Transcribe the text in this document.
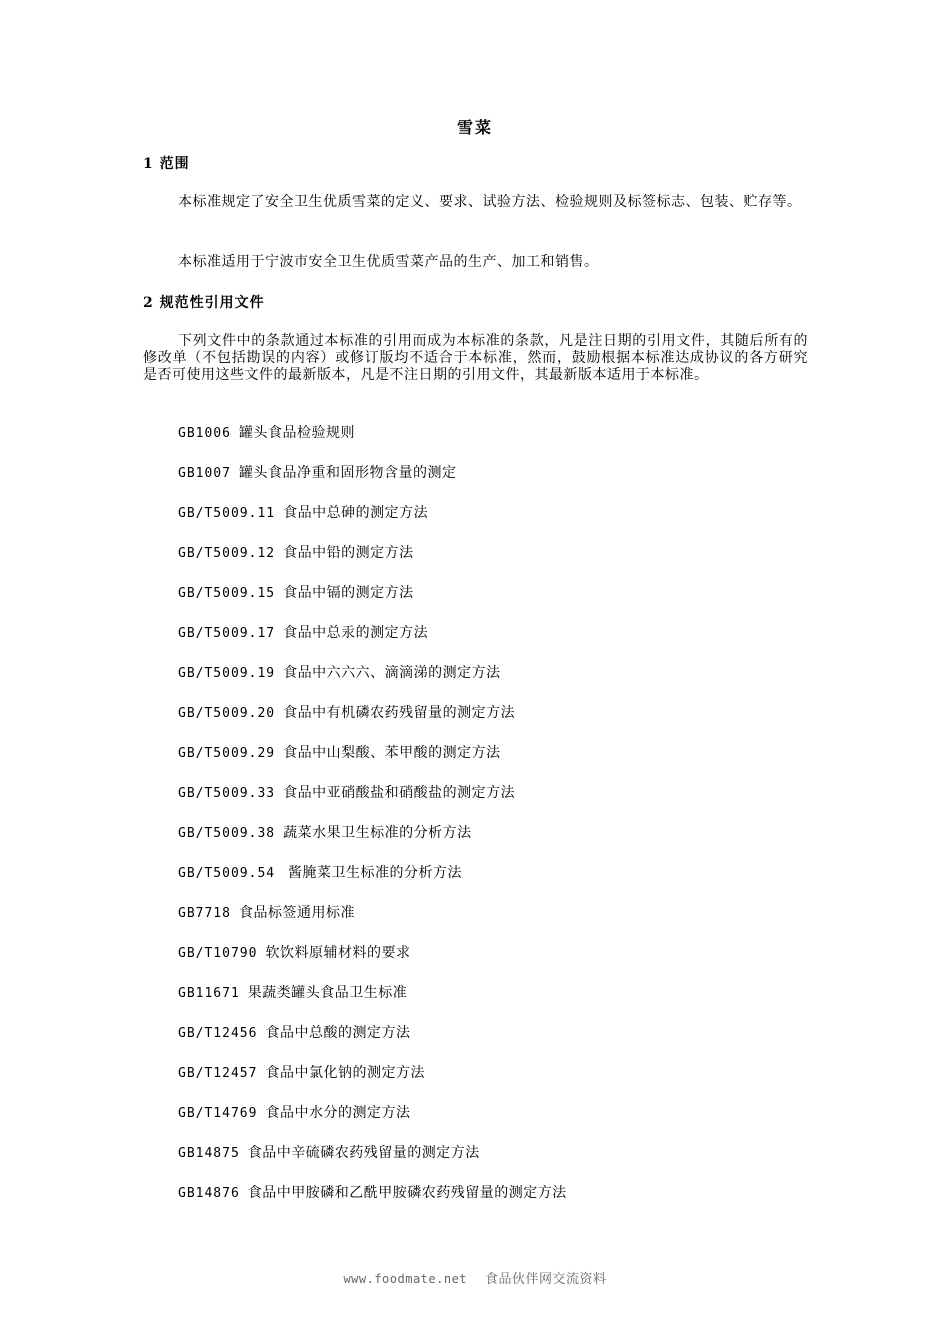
雪菜
1 范围
本标准规定了安全卫生优质雪菜的定义、要求、试验方法、检验规则及标签标志、包装、贮存等。
本标准适用于宁波市安全卫生优质雪菜产品的生产、加工和销售。
2 规范性引用文件
下列文件中的条款通过本标准的引用而成为本标准的条款，凡是注日期的引用文件，其随后所有的修改单（不包括勘误的内容）或修订版均不适合于本标准，然而，鼓励根据本标准达成协议的各方研究是否可使用这些文件的最新版本，凡是不注日期的引用文件，其最新版本适用于本标准。
GB1006 罐头食品检验规则
GB1007 罐头食品净重和固形物含量的测定
GB/T5009.11 食品中总砷的测定方法
GB/T5009.12 食品中铅的测定方法
GB/T5009.15 食品中镉的测定方法
GB/T5009.17 食品中总汞的测定方法
GB/T5009.19 食品中六六六、滴滴涕的测定方法
GB/T5009.20 食品中有机磷农药残留量的测定方法
GB/T5009.29 食品中山梨酸、苯甲酸的测定方法
GB/T5009.33 食品中亚硝酸盐和硝酸盐的测定方法
GB/T5009.38 蔬菜水果卫生标准的分析方法
GB/T5009.54 酱腌菜卫生标准的分析方法
GB7718 食品标签通用标准
GB/T10790 软饮料原辅材料的要求
GB11671 果蔬类罐头食品卫生标准
GB/T12456 食品中总酸的测定方法
GB/T12457 食品中氯化钠的测定方法
GB/T14769 食品中水分的测定方法
GB14875 食品中辛硫磷农药残留量的测定方法
GB14876 食品中甲胺磷和乙酰甲胺磷农药残留量的测定方法
www.foodmate.net 食品伙伴网交流资料
